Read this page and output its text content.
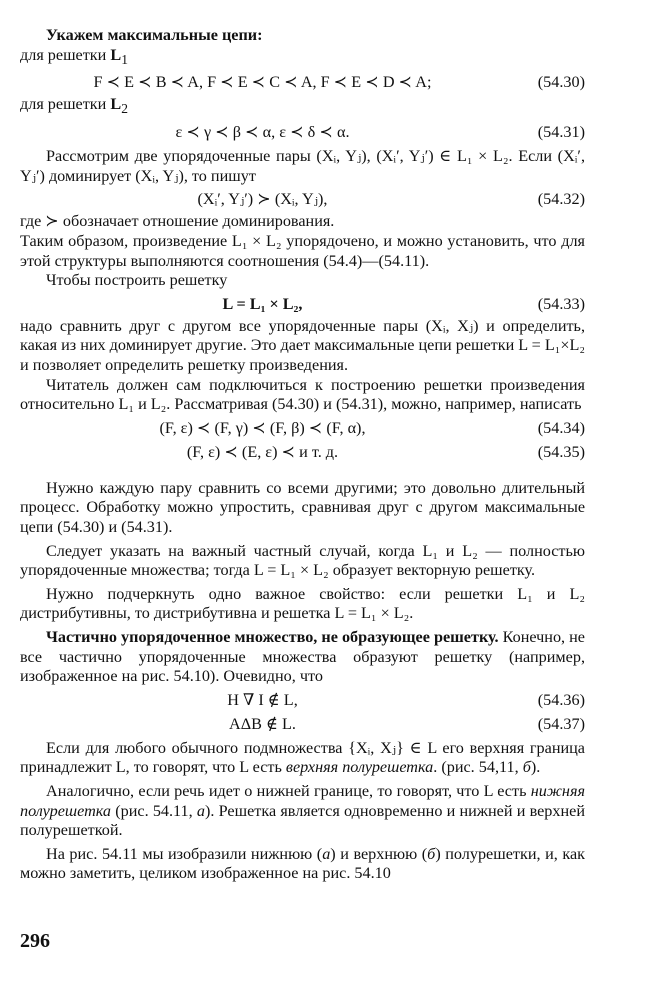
Укажем максимальные цепи:

для решетки $L_1$

F ≺ E ≺ B ≺ A, F ≺ E ≺ C ≺ A, F ≺ E ≺ D ≺ A;	(54.30)

для решетки $L_2$

ε ≺ γ ≺ β ≺ α, ε ≺ δ ≺ α.	(54.31)

Рассмотрим две упорядоченные пары (Xᵢ, Yⱼ), (Xᵢ′, Yⱼ′) ∈ L₁ × L₂. Если (Xᵢ′, Yⱼ′) доминирует (Xᵢ, Yⱼ), то пишут

(Xᵢ′, Yⱼ′) ≻ (Xᵢ, Yⱼ),	(54.32)

где ≻ обозначает отношение доминирования.

Таким образом, произведение L₁ × L₂ упорядочено, и можно установить, что для этой структуры выполняются соотношения (54.4)—(54.11).

Чтобы построить решетку

L = L₁ × L₂,	(54.33)

надо сравнить друг с другом все упорядоченные пары (Xᵢ, Xⱼ) и определить, какая из них доминирует другие. Это дает максимальные цепи решетки L = L₁×L₂ и позволяет определить решетку произведения.

Читатель должен сам подключиться к построению решетки произведения относительно L₁ и L₂. Рассматривая (54.30) и (54.31), можно, например, написать

(F, ε) ≺ (F, γ) ≺ (F, β) ≺ (F, α),	(54.34)
(F, ε) ≺ (E, ε) ≺ и т. д.	(54.35)

Нужно каждую пару сравнить со всеми другими; это довольно длительный процесс. Обработку можно упростить, сравнивая друг с другом максимальные цепи (54.30) и (54.31).

Следует указать на важный частный случай, когда L₁ и L₂ — полностью упорядоченные множества; тогда L = L₁ × L₂ образует векторную решетку.

Нужно подчеркнуть одно важное свойство: если решетки L₁ и L₂ дистрибутивны, то дистрибутивна и решетка L = L₁ × L₂.

Частично упорядоченное множество, не образующее решетку. Конечно, не все частично упорядоченные множества образуют решетку (например, изображенное на рис. 54.10). Очевидно, что

H ∇ I ∉ L,	(54.36)
AΔB ∉ L.	(54.37)

Если для любого обычного подмножества {Xᵢ, Xⱼ} ∈ L его верхняя граница принадлежит L, то говорят, что L есть верхняя полурешетка. (рис. 54,11, б).

Аналогично, если речь идет о нижней границе, то говорят, что L есть нижняя полурешетка (рис. 54.11, а). Решетка является одновременно и нижней и верхней полурешеткой.

На рис. 54.11 мы изобразили нижнюю (а) и верхнюю (б) полурешетки, и, как можно заметить, целиком изображенное на рис. 54.10

296
